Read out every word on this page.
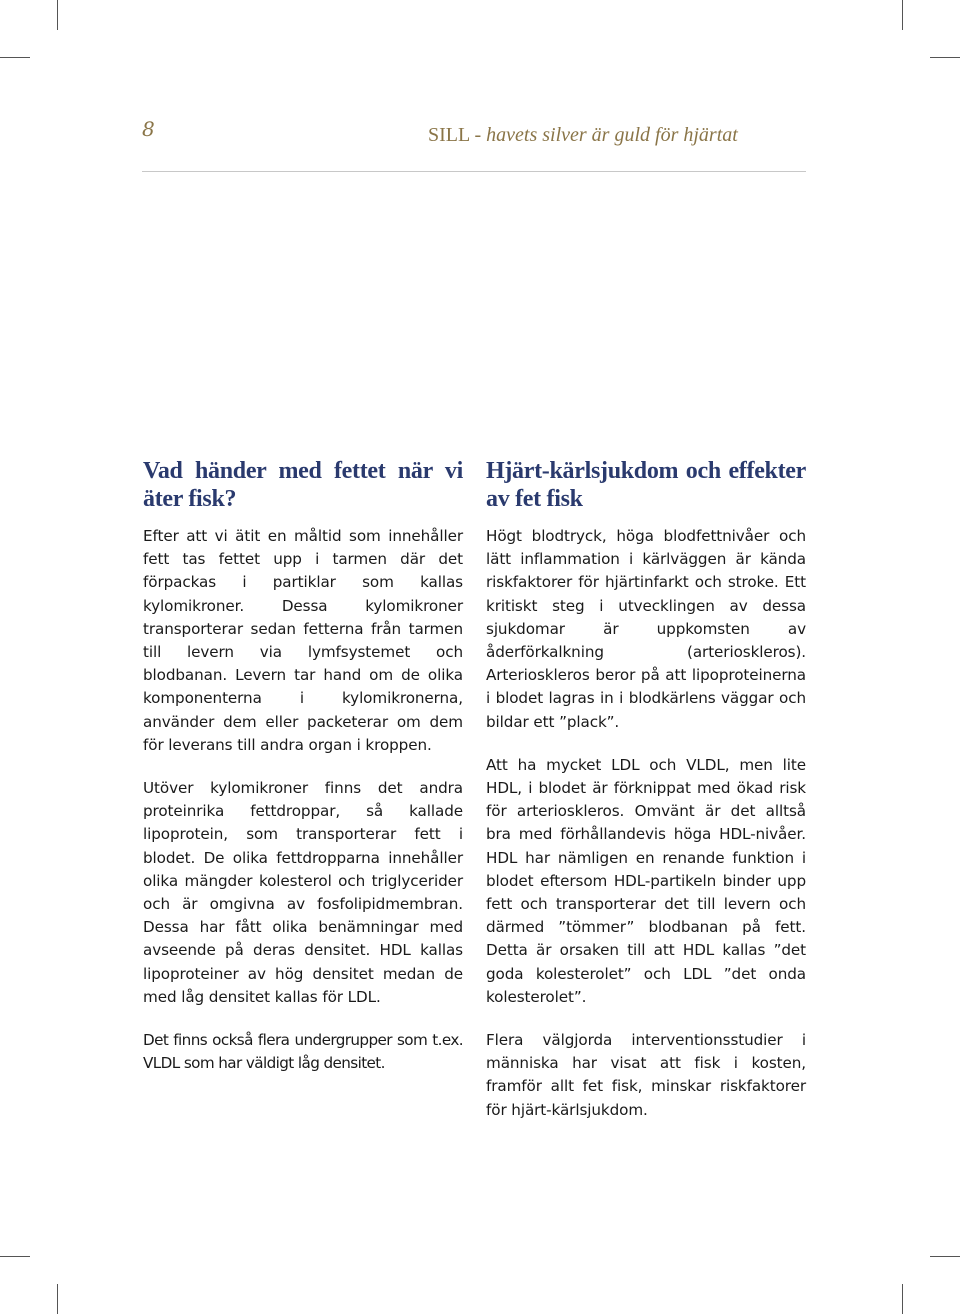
8	SILL - havets silver är guld för hjärtat
Vad händer med fettet när vi äter fisk?

Efter att vi ätit en måltid som innehåller fett tas fettet upp i tarmen där det förpackas i partiklar som kallas kylomikroner. Dessa kylomikroner transporterar sedan fetterna från tarmen till levern via lymfsystemet och blodbanan. Levern tar hand om de olika komponenterna i kylomikronerna, använder dem eller packeterar om dem för leverans till andra organ i kroppen.

Utöver kylomikroner finns det andra proteinrika fettdroppar, så kallade lipoprotein, som transporterar fett i blodet. De olika fettdropparna innehåller olika mängder kolesterol och triglycerider och är omgivna av fosfolipidmembran. Dessa har fått olika benämningar med avseende på deras densitet. HDL kallas lipoproteiner av hög densitet medan de med låg densitet kallas för LDL.

Det finns också flera undergrupper som t.ex. VLDL som har väldigt låg densitet.

Hjärt-kärlsjukdom och effekter av fet fisk

Högt blodtryck, höga blodfettnivåer och lätt inflammation i kärlväggen är kända riskfaktorer för hjärtinfarkt och stroke. Ett kritiskt steg i utvecklingen av dessa sjukdomar är uppkomsten av åderförkalkning (arterioskleros). Arterioskleros beror på att lipoproteinerna i blodet lagras in i blodkärlens väggar och bildar ett ”plack”.

Att ha mycket LDL och VLDL, men lite HDL, i blodet är förknippat med ökad risk för arterioskleros. Omvänt är det alltså bra med förhållandevis höga HDL-nivåer. HDL har nämligen en renande funktion i blodet eftersom HDL-partikeln binder upp fett och transporterar det till levern och därmed ”tömmer” blodbanan på fett. Detta är orsaken till att HDL kallas ”det goda kolesterolet” och LDL ”det onda kolesterolet”.

Flera välgjorda interventionsstudier i människa har visat att fisk i kosten, framför allt fet fisk, minskar riskfaktorer för hjärt-kärlsjukdom.
